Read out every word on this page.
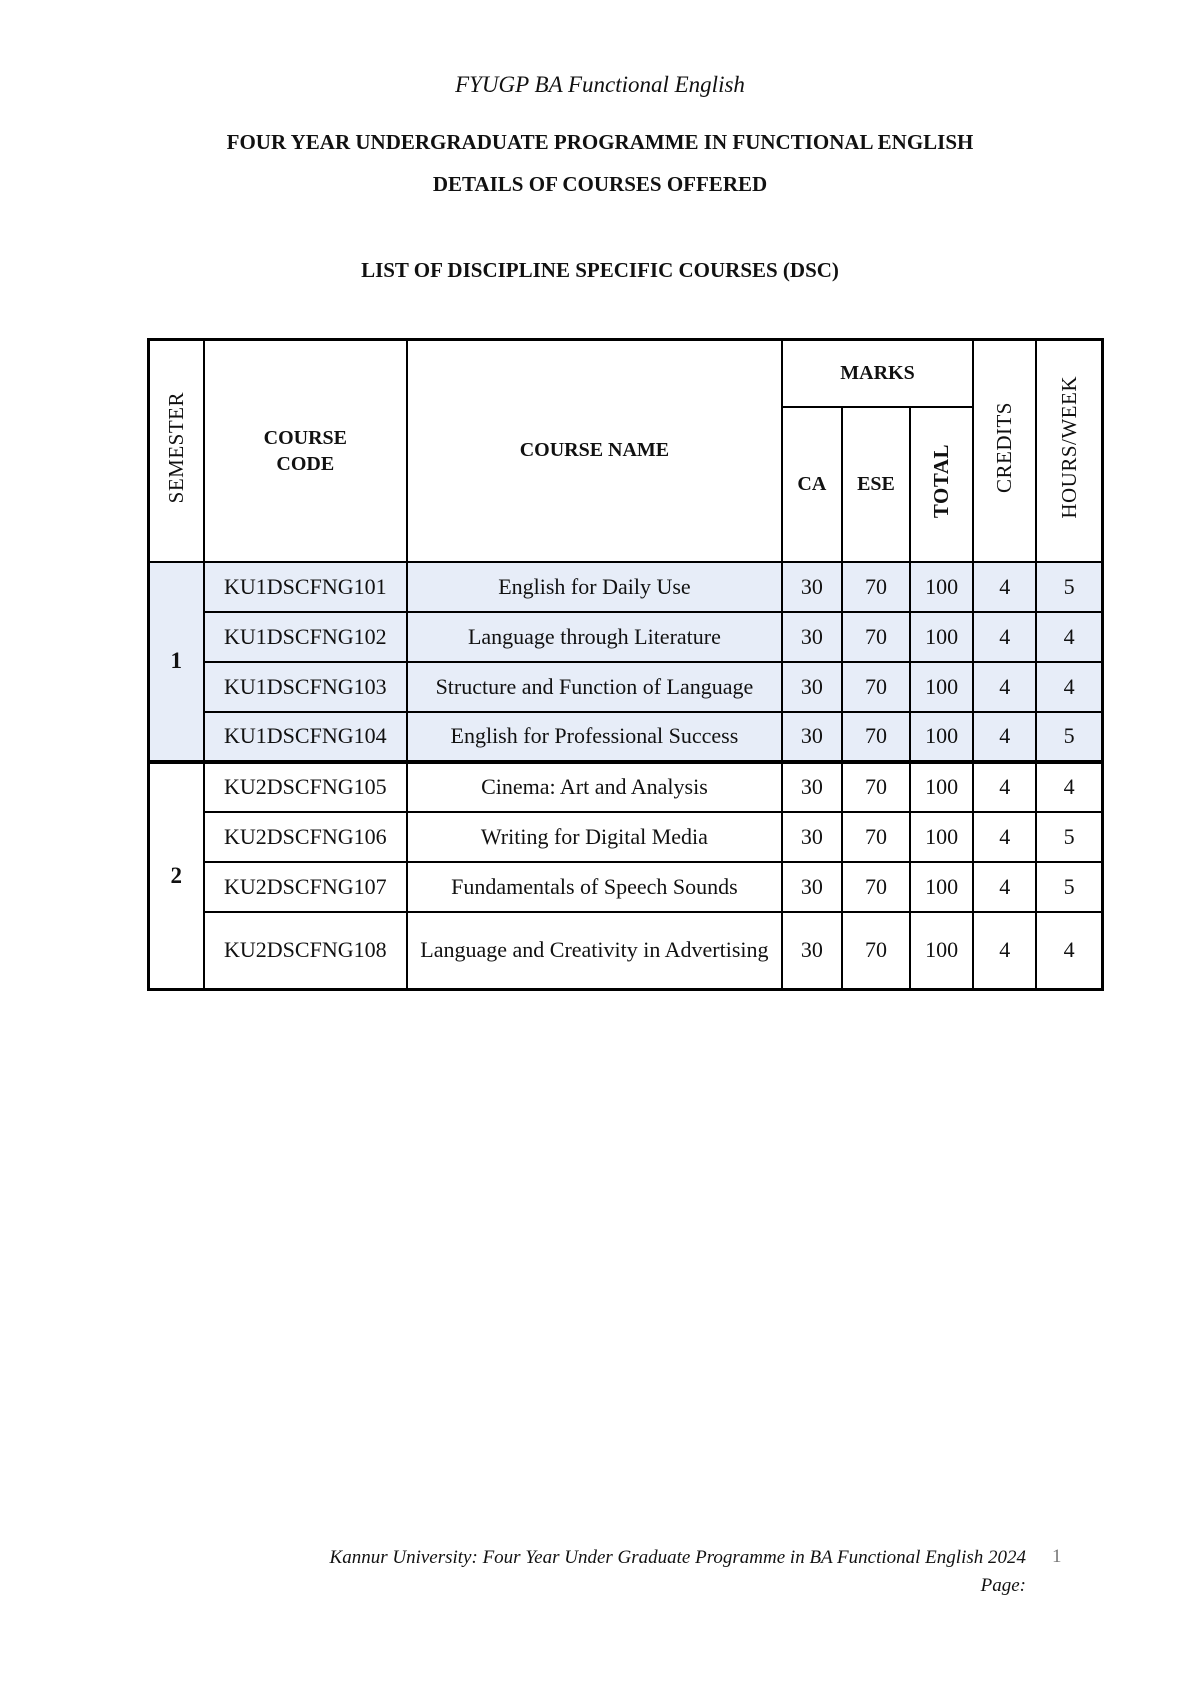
FYUGP BA Functional English
FOUR YEAR UNDERGRADUATE PROGRAMME IN FUNCTIONAL ENGLISH
DETAILS OF COURSES OFFERED
LIST OF DISCIPLINE SPECIFIC COURSES (DSC)
SEMESTER	COURSE CODE	COURSE NAME	MARKS			CREDITS	HOURS/WEEK
			CA	ESE	TOTAL		
1	KU1DSCFNG101	English for Daily Use	30	70	100	4	5
	KU1DSCFNG102	Language through Literature	30	70	100	4	4
	KU1DSCFNG103	Structure and Function of Language	30	70	100	4	4
	KU1DSCFNG104	English for Professional Success	30	70	100	4	5
2	KU2DSCFNG105	Cinema: Art and Analysis	30	70	100	4	4
	KU2DSCFNG106	Writing for Digital Media	30	70	100	4	5
	KU2DSCFNG107	Fundamentals of Speech Sounds	30	70	100	4	5
	KU2DSCFNG108	Language and Creativity in Advertising	30	70	100	4	4
Kannur University: Four Year Under Graduate Programme in BA Functional English 2024
Page:
1
